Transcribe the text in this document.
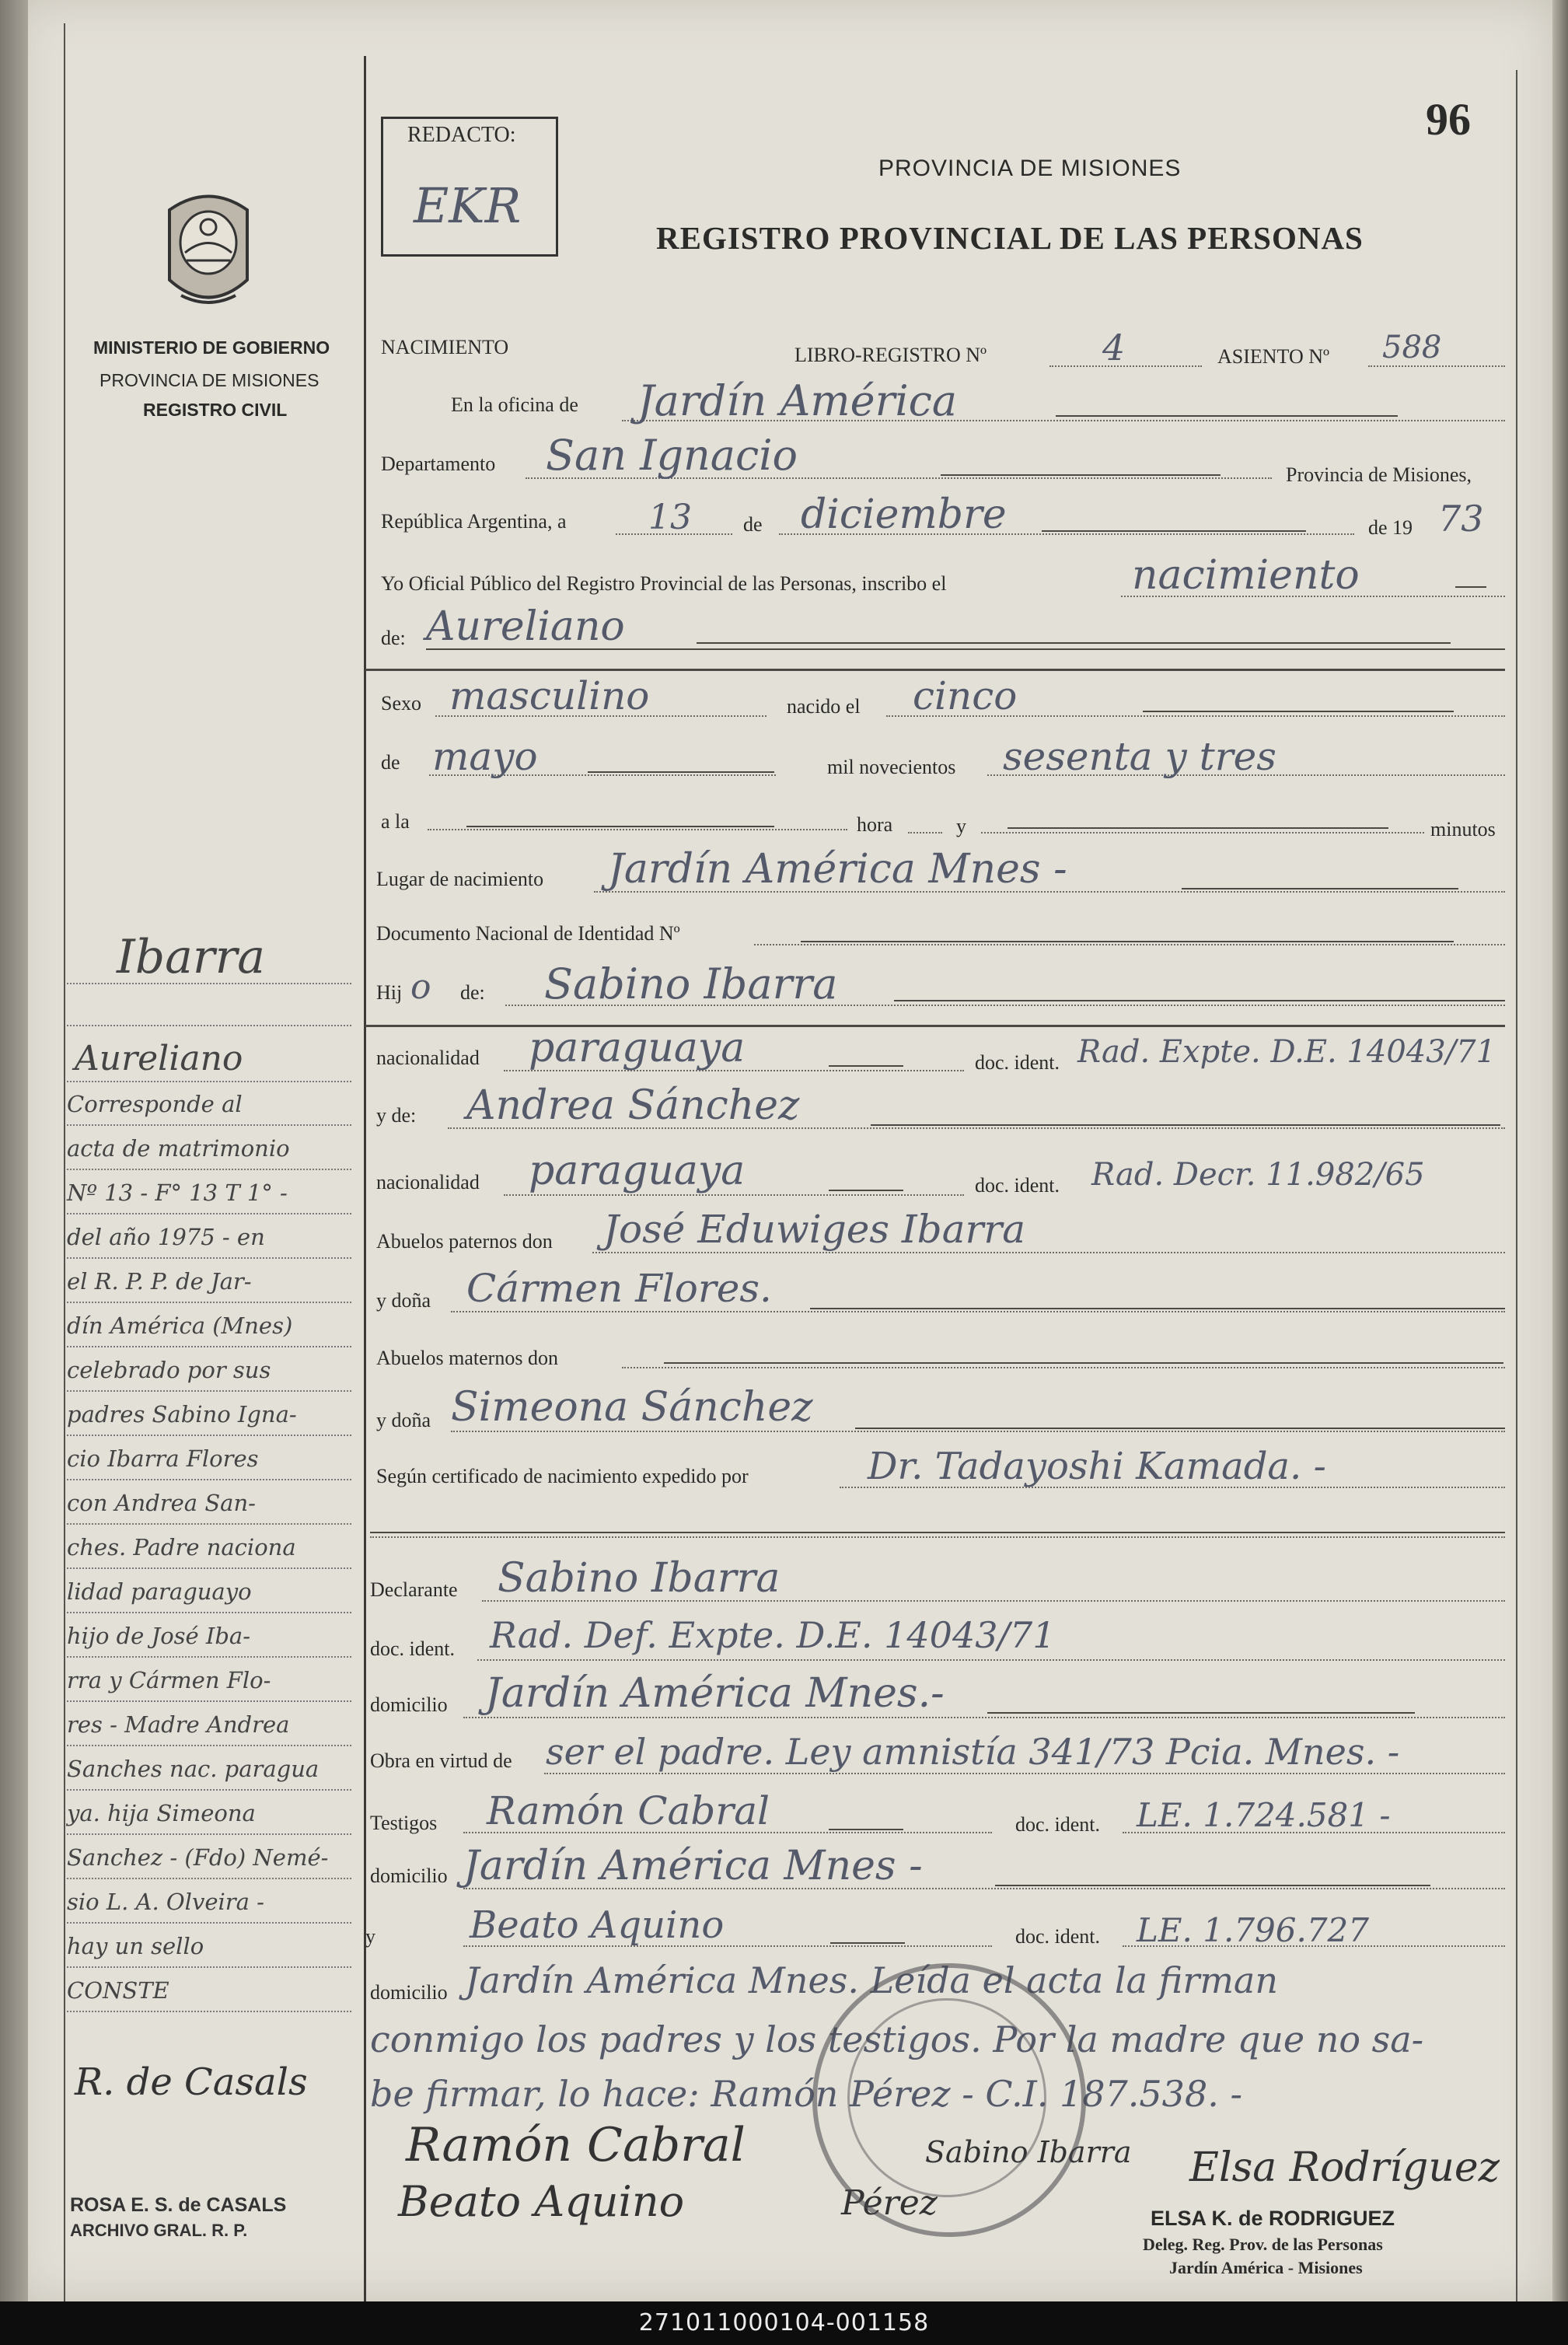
96
REDACTO:
EKR
PROVINCIA DE MISIONES
REGISTRO PROVINCIAL DE LAS PERSONAS
MINISTERIO DE GOBIERNO
PROVINCIA DE MISIONES
REGISTRO CIVIL
NACIMIENTO	LIBRO-REGISTRO Nº	4	ASIENTO Nº 588
En la oficina de Jardín América
Departamento San Ignacio	Provincia de Misiones,
República Argentina, a 13	de diciembre	de 19 73
Yo Oficial Público del Registro Provincial de las Personas, inscribo el	nacimiento
de: Aureliano
Sexo masculino	nacido el cinco
de mayo	mil novecientos sesenta y tres
a la	hora	y	minutos
Lugar de nacimiento Jardín América Mnes -
Documento Nacional de Identidad Nº
Hij o de: Sabino Ibarra
nacionalidad paraguaya	doc. ident. Rad. Expte. D.E. 14043/71
y de: Andrea Sánchez
nacionalidad paraguaya	doc. ident. Rad. Decr. 11.982/65
Abuelos paternos don José Eduwiges Ibarra
y doña Cármen Flores.
Abuelos maternos don
y doña Simeona Sánchez
Según certificado de nacimiento expedido por	Dr. Tadayoshi Kamada. -
Declarante Sabino Ibarra
doc. ident. Rad. Def. Expte. D.E. 14043/71
domicilio Jardín América Mnes.-
Obra en virtud de ser el padre. Ley amnistía 341/73 Pcia. Mnes. -
Testigos Ramón Cabral	doc. ident. LE. 1.724.581 -
domicilio Jardín América Mnes -
y	Beato Aquino	doc. ident. LE. 1.796.727
domicilio Jardín América Mnes. Leída el acta la firman
conmigo los padres y los testigos. Por la madre que no sa-
be firmar, lo hace: Ramón Pérez - C.I. 187.538. -
Ramón Cabral	Sabino Ibarra
Beato Aquino	Pérez
Elsa Rodríguez
ELSA K. de RODRIGUEZ
Deleg. Reg. Prov. de las Personas
Jardín América - Misiones
Ibarra
Aureliano
Corresponde al
acta de matrimonio
Nº 13 - F° 13 T 1° -
del año 1975 - en
el R. P. P. de Jar-
dín América (Mnes)
celebrado por sus
padres Sabino Igna-
cio Ibarra Flores
con Andrea San-
ches. Padre naciona
lidad paraguayo
hijo de José Iba-
rra y Cármen Flo-
res - Madre Andrea
Sanches nac. paragua
ya. hija Simeona
Sanchez - (Fdo) Nemé-
sio L. A. Olveira -
hay un sello
CONSTE
R. de Casals
ROSA E. S. de CASALS
ARCHIVO GRAL. R. P.
271011000104-001158
